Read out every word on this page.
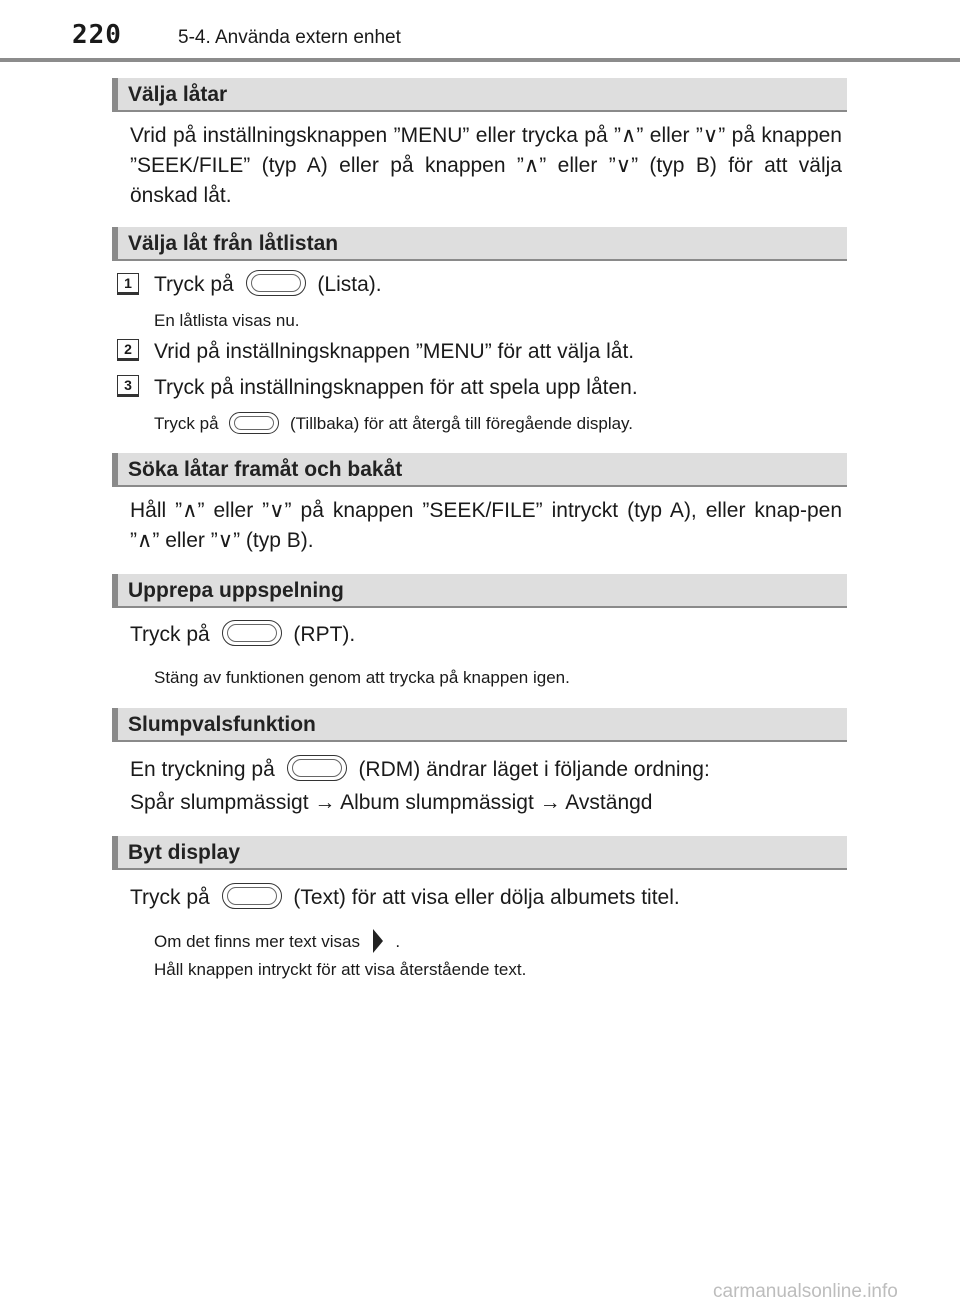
220	5-4. Använda extern enhet
Välja låtar
Vrid på inställningsknappen ”MENU” eller trycka på ”∧” eller ”∨” på knappen ”SEEK/FILE” (typ A) eller på knappen ”∧” eller ”∨” (typ B) för att välja önskad låt.
Välja låt från låtlistan
1	Tryck på	(Lista).
En låtlista visas nu.
2	Vrid på inställningsknappen ”MENU” för att välja låt.
3	Tryck på inställningsknappen för att spela upp låten.
Tryck på	(Tillbaka) för att återgå till föregående display.
Söka låtar framåt och bakåt
Håll ”∧” eller ”∨” på knappen ”SEEK/FILE” intryckt (typ A), eller knap-pen ”∧” eller ”∨” (typ B).
Upprepa uppspelning
Tryck på	(RPT).
Stäng av funktionen genom att trycka på knappen igen.
Slumpvalsfunktion
En tryckning på	(RDM) ändrar läget i följande ordning:
Spår slumpmässigt → Album slumpmässigt → Avstängd
Byt display
Tryck på	(Text) för att visa eller dölja albumets titel.
Om det finns mer text visas .
Håll knappen intryckt för att visa återstående text.
carmanualsonline.info
